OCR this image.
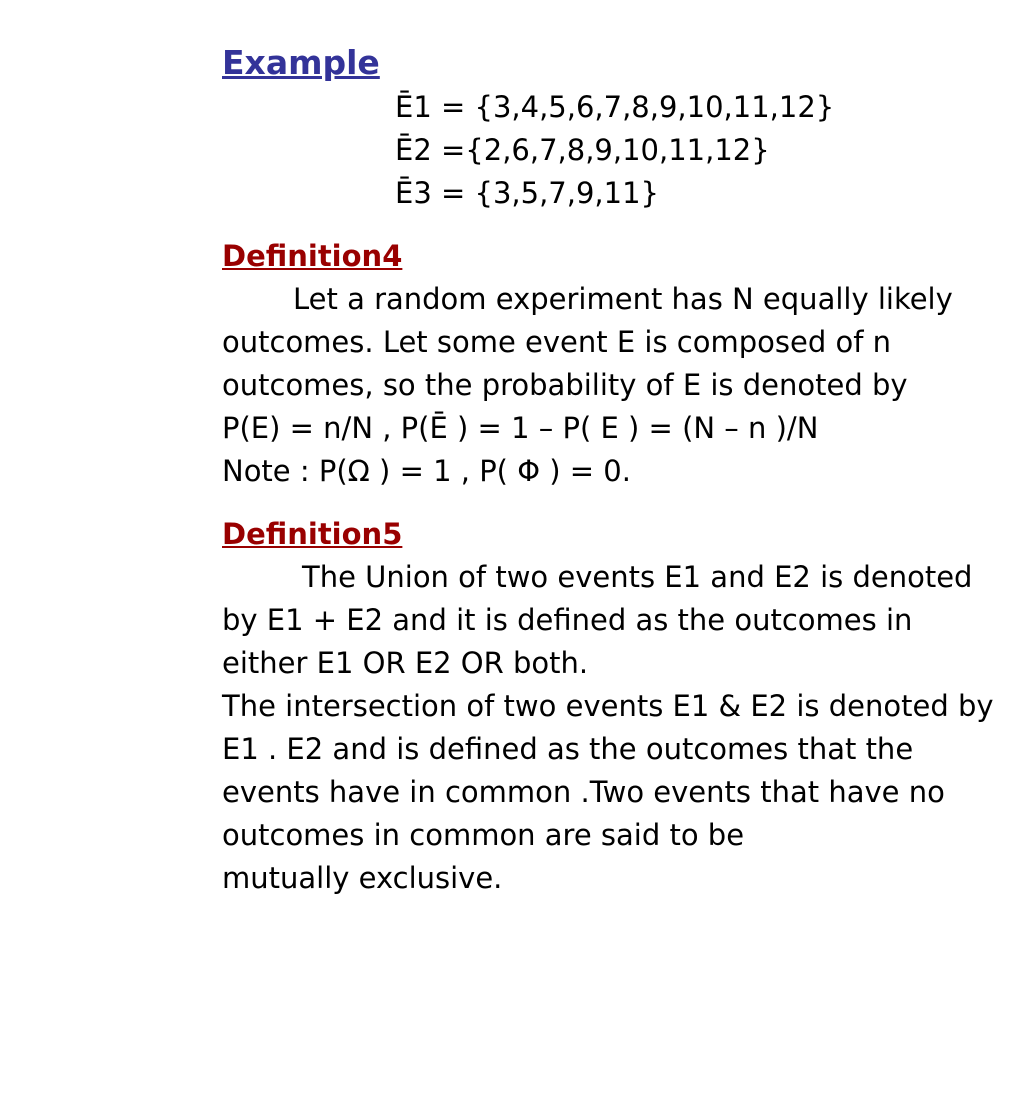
Example
Ē1 = {3,4,5,6,7,8,9,10,11,12}
Ē2 ={2,6,7,8,9,10,11,12}
Ē3 = {3,5,7,9,11}
Definition4

Let a random experiment has N equally likely

outcomes. Let some event E is composed of n

outcomes, so the probability of E is denoted by

P(E) = n/N , P(Ē ) = 1 – P( E ) = (N – n )/N

Note : P(Ω ) = 1 , P( Φ ) = 0.

Definition5

The Union of two events E1 and E2 is denoted

by E1 + E2 and it is defined as the outcomes in

either E1 OR E2 OR both.

The intersection of two events E1 & E2 is denoted by

E1 . E2 and is defined as the outcomes that the

events have in common .Two events that have no

outcomes in common are said to be

mutually exclusive.
